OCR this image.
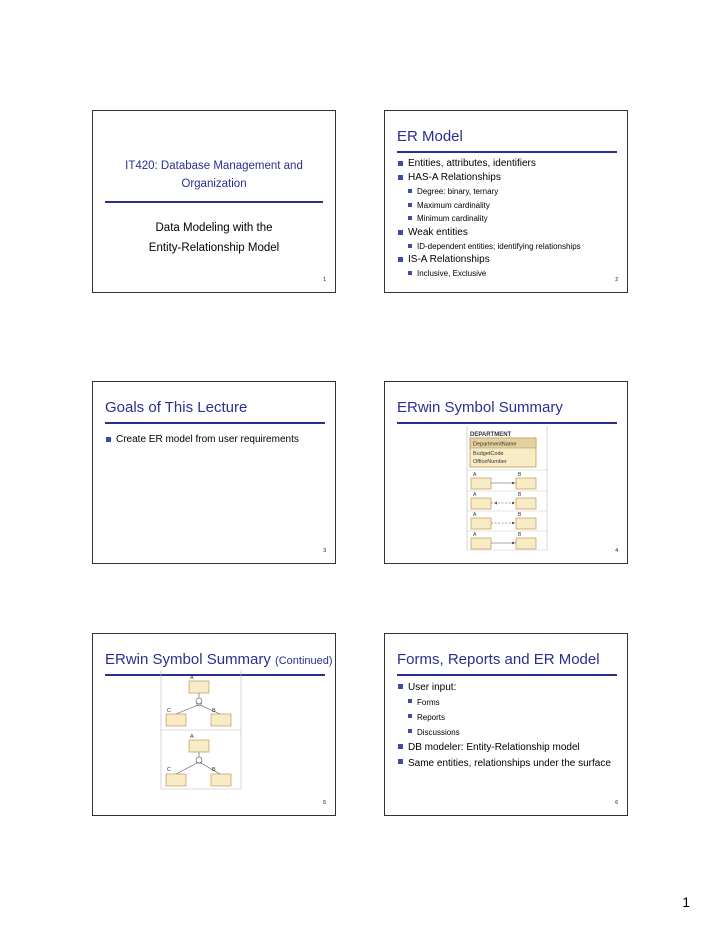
IT420: Database Management and
Organization
Data Modeling with the
Entity-Relationship Model
1
ER Model
Entities, attributes, identifiers
HAS-A Relationships
Degree: binary, ternary
Maximum cardinality
Minimum cardinality
Weak entities
ID-dependent entities; identifying relationships
IS-A Relationships
Inclusive, Exclusive
2
Goals of This Lecture
Create ER model from user requirements
3
ERwin Symbol Summary
DEPARTMENT
DepartmentName
BudgetCode
OfficeNumber
A	B
A	B
A	B
A	B
4
ERwin Symbol Summary (Continued)
A
C	B
A
C	B
5
Forms, Reports and ER Model
User input:
Forms
Reports
Discussions
DB modeler: Entity-Relationship model
Same entities, relationships under the surface
6
1
